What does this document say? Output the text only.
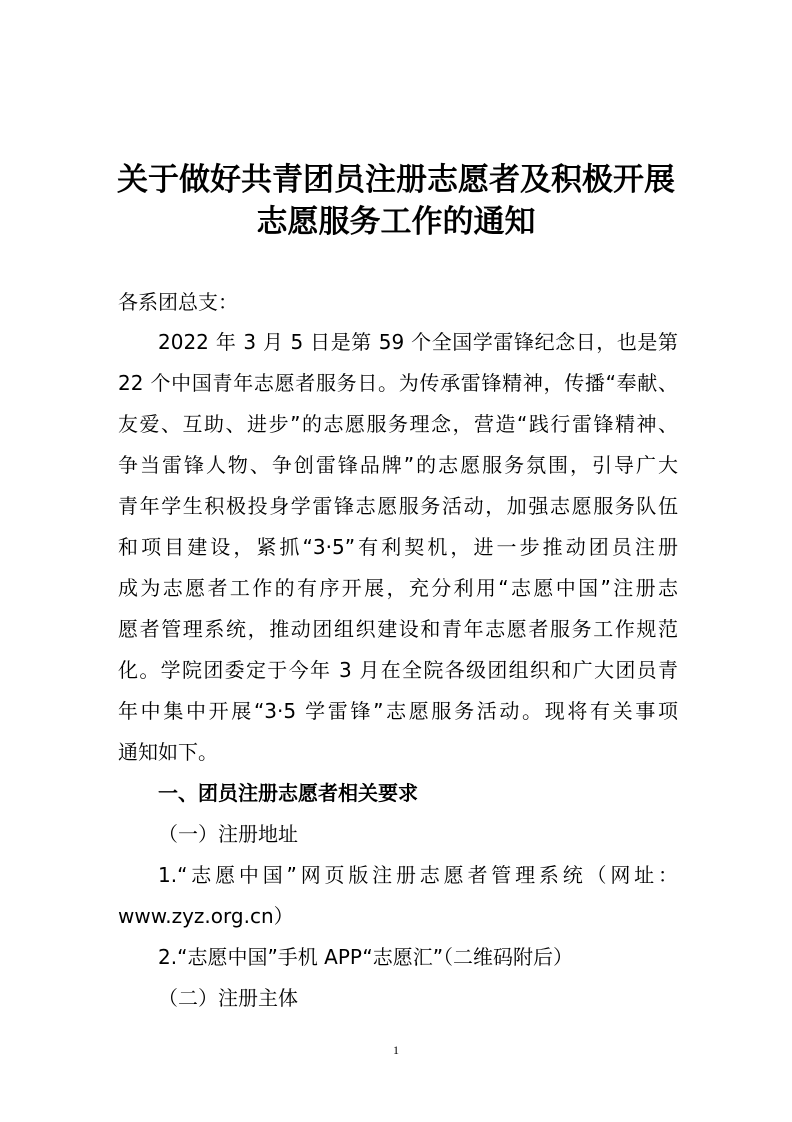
关于做好共青团员注册志愿者及积极开展
志愿服务工作的通知
各系团总支：
2022 年 3 月 5 日是第 59 个全国学雷锋纪念日，也是第
22 个中国青年志愿者服务日。为传承雷锋精神，传播“奉献、
友爱、互助、进步”的志愿服务理念，营造“践行雷锋精神、
争当雷锋人物、争创雷锋品牌”的志愿服务氛围，引导广大
青年学生积极投身学雷锋志愿服务活动，加强志愿服务队伍
和项目建设，紧抓“3·5”有利契机，进一步推动团员注册
成为志愿者工作的有序开展，充分利用“志愿中国”注册志
愿者管理系统，推动团组织建设和青年志愿者服务工作规范
化。学院团委定于今年 3 月在全院各级团组织和广大团员青
年中集中开展“3·5 学雷锋”志愿服务活动。现将有关事项
通知如下。
一、团员注册志愿者相关要求
（一）注册地址
1.“志愿中国”网页版注册志愿者管理系统（网址：
www.zyz.org.cn）
2.“志愿中国”手机 APP“志愿汇”（二维码附后）
（二）注册主体
1
